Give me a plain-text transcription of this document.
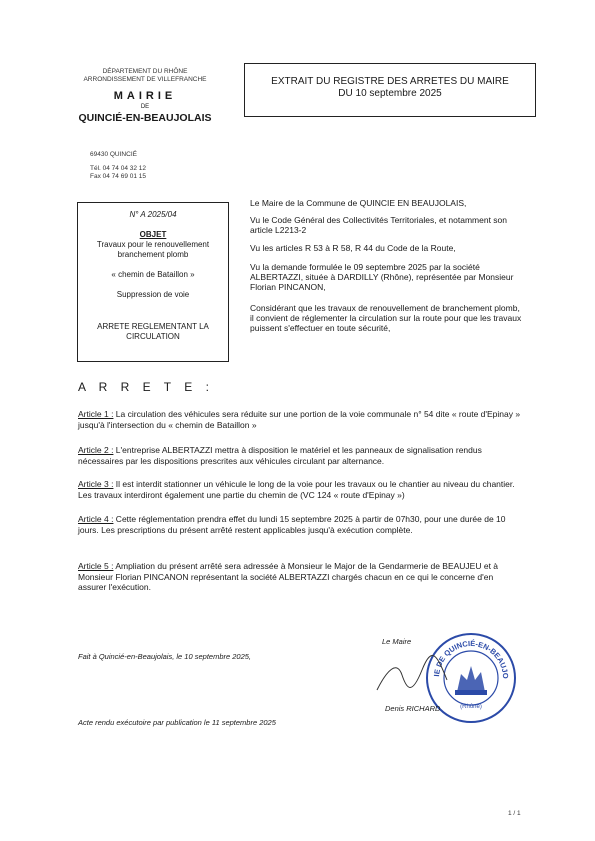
DÉPARTEMENT DU RHÔNE
ARRONDISSEMENT DE VILLEFRANCHE
MAIRIE
DE
QUINCIÉ-EN-BEAUJOLAIS
69430 QUINCIÉ
Tél. 04 74 04 32 12
Fax 04 74 69 01 15
EXTRAIT DU REGISTRE DES ARRETES DU MAIRE
DU 10 septembre 2025
N° A 2025/04
OBJET

Travaux pour le renouvellement branchement plomb

« chemin de Bataillon »

Suppression de voie

ARRETE REGLEMENTANT LA CIRCULATION

Le Maire de la Commune de QUINCIE EN BEAUJOLAIS,
Vu le Code Général des Collectivités Territoriales, et notamment son article L2213-2
Vu les articles R 53 à R 58, R 44 du Code de la Route,
Vu la demande formulée le 09 septembre 2025 par la société ALBERTAZZI, située à DARDILLY (Rhône), représentée par Monsieur Florian PINCANON,
Considérant que les travaux de renouvellement de branchement plomb, il convient de réglementer la circulation sur la route pour que les travaux puissent s'effectuer en toute sécurité,
A R R E T E :
Article 1 : La circulation des véhicules sera réduite sur une portion de la voie communale n° 54 dite « route d'Epinay » jusqu'à l'intersection du « chemin de Bataillon »
Article 2 : L'entreprise ALBERTAZZI mettra à disposition le matériel et les panneaux de signalisation rendus nécessaires par les dispositions prescrites aux véhicules circulant par alternance.
Article 3 : Il est interdit stationner un véhicule le long de la voie pour les travaux ou le chantier au niveau du chantier. Les travaux interdiront également une partie du chemin de (VC 124 « route d'Epinay »)
Article 4 : Cette réglementation prendra effet du lundi 15 septembre 2025 à partir de 07h30, pour une durée de 10 jours. Les prescriptions du présent arrêté restent applicables jusqu'à exécution complète.
Article 5 : Ampliation du présent arrêté sera adressée à Monsieur le Major de la Gendarmerie de BEAUJEU et à Monsieur Florian PINCANON représentant la société ALBERTAZZI chargés chacun en ce qui le concerne d'en assurer l'exécution.
Fait à Quincié-en-Beaujolais, le 10 septembre 2025,
Le Maire
IE DE QUINCIÉ-EN-BEAUJO
(Rhône)
Denis RICHARD
Acte rendu exécutoire par publication le 11 septembre 2025
1 / 1
